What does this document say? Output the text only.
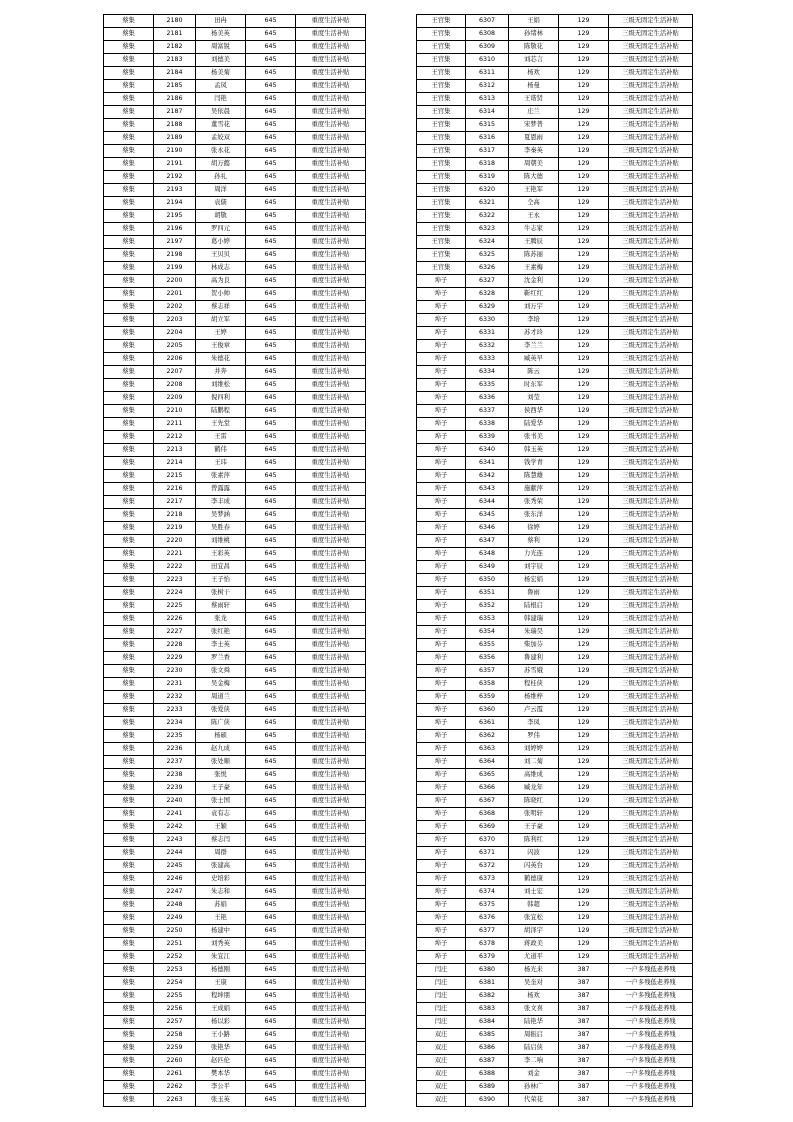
蔡集	2180	田冉	645	重度生活补贴
蔡集	2181	杨美英	645	重度生活补贴
蔡集	2182	周富锐	645	重度生活补贴
蔡集	2183	刘德美	645	重度生活补贴
蔡集	2184	杨美菊	645	重度生活补贴
蔡集	2185	孟凤	645	重度生活补贴
蔡集	2186	闫艳	645	重度生活补贴
蔡集	2187	吴依晨	645	重度生活补贴
蔡集	2188	董雪花	645	重度生活补贴
蔡集	2189	孟姣双	645	重度生活补贴
蔡集	2190	张永花	645	重度生活补贴
蔡集	2191	胡万懿	645	重度生活补贴
蔡集	2192	孙礼	645	重度生活补贴
蔡集	2193	周洋	645	重度生活补贴
蔡集	2194	袁儒	645	重度生活补贴
蔡集	2195	胡敬	645	重度生活补贴
蔡集	2196	罗四元	645	重度生活补贴
蔡集	2197	葛小婷	645	重度生活补贴
蔡集	2198	王贝贝	645	重度生活补贴
蔡集	2199	林成志	645	重度生活补贴
蔡集	2200	高为良	645	重度生活补贴
蔡集	2201	贺小帅	645	重度生活补贴
蔡集	2202	蔡志祥	645	重度生活补贴
蔡集	2203	胡立军	645	重度生活补贴
蔡集	2204	王婷	645	重度生活补贴
蔡集	2205	王俊章	645	重度生活补贴
蔡集	2206	朱德花	645	重度生活补贴
蔡集	2207	井奔	645	重度生活补贴
蔡集	2208	刘维松	645	重度生活补贴
蔡集	2209	倪四利	645	重度生活补贴
蔡集	2210	陆鹏程	645	重度生活补贴
蔡集	2211	王先堂	645	重度生活补贴
蔡集	2212	王雷	645	重度生活补贴
蔡集	2213	鹤伟	645	重度生活补贴
蔡集	2214	王玮	645	重度生活补贴
蔡集	2215	张素萍	645	重度生活补贴
蔡集	2216	曾露露	645	重度生活补贴
蔡集	2217	李丰成	645	重度生活补贴
蔡集	2218	吴梦涵	645	重度生活补贴
蔡集	2219	吴胜春	645	重度生活补贴
蔡集	2220	刘维桃	645	重度生活补贴
蔡集	2221	王彩英	645	重度生活补贴
蔡集	2222	田宜昌	645	重度生活补贴
蔡集	2223	王子怡	645	重度生活补贴
蔡集	2224	张树干	645	重度生活补贴
蔡集	2225	蔡雨轩	645	重度生活补贴
蔡集	2226	张龙	645	重度生活补贴
蔡集	2227	张红艳	645	重度生活补贴
蔡集	2228	李士英	645	重度生活补贴
蔡集	2229	罗兰香	645	重度生活补贴
蔡集	2230	张文舜	645	重度生活补贴
蔡集	2231	吴金梅	645	重度生活补贴
蔡集	2232	周道兰	645	重度生活补贴
蔡集	2233	张爱侠	645	重度生活补贴
蔡集	2234	陈广侠	645	重度生活补贴
蔡集	2235	杨硕	645	重度生活补贴
蔡集	2236	赵九成	645	重度生活补贴
蔡集	2237	张处顺	645	重度生活补贴
蔡集	2238	张悦	645	重度生活补贴
蔡集	2239	王子豪	645	重度生活补贴
蔡集	2240	张士国	645	重度生活补贴
蔡集	2241	袁有志	645	重度生活补贴
蔡集	2242	王颖	645	重度生活补贴
蔡集	2243	蔡志闫	645	重度生活补贴
蔡集	2244	周群	645	重度生活补贴
蔡集	2245	张建高	645	重度生活补贴
蔡集	2246	史培彩	645	重度生活补贴
蔡集	2247	朱志和	645	重度生活补贴
蔡集	2248	苏娟	645	重度生活补贴
蔡集	2249	王艳	645	重度生活补贴
蔡集	2250	杨建中	645	重度生活补贴
蔡集	2251	刘秀英	645	重度生活补贴
蔡集	2252	朱宜江	645	重度生活补贴
蔡集	2253	杨德刚	645	重度生活补贴
蔡集	2254	王康	645	重度生活补贴
蔡集	2255	程坤朋	645	重度生活补贴
蔡集	2256	王成娟	645	重度生活补贴
蔡集	2257	杨以彩	645	重度生活补贴
蔡集	2258	王小路	645	重度生活补贴
蔡集	2259	张艳华	645	重度生活补贴
蔡集	2260	赵匹伦	645	重度生活补贴
蔡集	2261	樊本华	645	重度生活补贴
蔡集	2262	李公平	645	重度生活补贴
蔡集	2263	张玉英	645	重度生活补贴
王官集	6307	王娟	129	三级无固定生活补贴
王官集	6308	孙绪林	129	三级无固定生活补贴
王官集	6309	陈敬花	129	三级无固定生活补贴
王官集	6310	刘芯言	129	三级无固定生活补贴
王官集	6311	杨欢	129	三级无固定生活补贴
王官集	6312	杨曼	129	三级无固定生活补贴
王官集	6313	王谐贤	129	三级无固定生活补贴
王官集	6314	庄兰	129	三级无固定生活补贴
王官集	6315	宋梦普	129	三级无固定生活补贴
王官集	6316	夏恩雨	129	三级无固定生活补贴
王官集	6317	李秦英	129	三级无固定生活补贴
王官集	6318	周朝美	129	三级无固定生活补贴
王官集	6319	陈大德	129	三级无固定生活补贴
王官集	6320	王艳军	129	三级无固定生活补贴
王官集	6321	仝高	129	三级无固定生活补贴
王官集	6322	王永	129	三级无固定生活补贴
王官集	6323	牛志家	129	三级无固定生活补贴
王官集	6324	王腾辰	129	三级无固定生活补贴
王官集	6325	陈苏丽	129	三级无固定生活补贴
王官集	6326	王素梅	129	三级无固定生活补贴
埠子	6327	沈金利	129	三级无固定生活补贴
埠子	6328	靳红红	129	三级无固定生活补贴
埠子	6329	刘万宇	129	三级无固定生活补贴
埠子	6330	李培	129	三级无固定生活补贴
埠子	6331	苏才玲	129	三级无固定生活补贴
埠子	6332	李兰兰	129	三级无固定生活补贴
埠子	6333	臧英早	129	三级无固定生活补贴
埠子	6334	陈云	129	三级无固定生活补贴
埠子	6335	时东军	129	三级无固定生活补贴
埠子	6336	刘莹	129	三级无固定生活补贴
埠子	6337	侯西华	129	三级无固定生活补贴
埠子	6338	陆爱华	129	三级无固定生活补贴
埠子	6339	张书美	129	三级无固定生活补贴
埠子	6340	韩玉英	129	三级无固定生活补贴
埠子	6341	钱学青	129	三级无固定生活补贴
埠子	6342	陈慧雄	129	三级无固定生活补贴
埠子	6343	施献萍	129	三级无固定生活补贴
埠子	6344	张秀荣	129	三级无固定生活补贴
埠子	6345	张东洋	129	三级无固定生活补贴
埠子	6346	徐婷	129	三级无固定生活补贴
埠子	6347	蔡利	129	三级无固定生活补贴
埠子	6348	力光连	129	三级无固定生活补贴
埠子	6349	刘宇辰	129	三级无固定生活补贴
埠子	6350	杨宏娟	129	三级无固定生活补贴
埠子	6351	鲁雨	129	三级无固定生活补贴
埠子	6352	陆根启	129	三级无固定生活补贴
埠子	6353	韩建瑞	129	三级无固定生活补贴
埠子	6354	朱瑞昊	129	三级无固定生活补贴
埠子	6355	柴加芬	129	三级无固定生活补贴
埠子	6356	鲁建利	129	三级无固定生活补贴
埠子	6357	苏雪娥	129	三级无固定生活补贴
埠子	6358	程桂侠	129	三级无固定生活补贴
埠子	6359	杨维梓	129	三级无固定生活补贴
埠子	6360	卢云霞	129	三级无固定生活补贴
埠子	6361	李凤	129	三级无固定生活补贴
埠子	6362	罗伟	129	三级无固定生活补贴
埠子	6363	刘婷婷	129	三级无固定生活补贴
埠子	6364	刘二菊	129	三级无固定生活补贴
埠子	6365	高维成	129	三级无固定生活补贴
埠子	6366	臧龙年	129	三级无固定生活补贴
埠子	6367	陈晓红	129	三级无固定生活补贴
埠子	6368	张明轩	129	三级无固定生活补贴
埠子	6369	王子豪	129	三级无固定生活补贴
埠子	6370	陈利红	129	三级无固定生活补贴
埠子	6371	闪波	129	三级无固定生活补贴
埠子	6372	闪英台	129	三级无固定生活补贴
埠子	6373	鹤德康	129	三级无固定生活补贴
埠子	6374	刘士宏	129	三级无固定生活补贴
埠子	6375	韩超	129	三级无固定生活补贴
埠子	6376	张宜松	129	三级无固定生活补贴
埠子	6377	胡泽宇	129	三级无固定生活补贴
埠子	6378	蒋政美	129	三级无固定生活补贴
埠子	6379	尤道平	129	三级无固定生活补贴
闫庄	6380	杨光来	387	一户多残低老养残
闫庄	6381	吴奎对	387	一户多残低老养残
闫庄	6382	杨欢	387	一户多残低老养残
闫庄	6383	张文喜	387	一户多残低老养残
闫庄	6384	陆艳华	387	一户多残低老养残
双庄	6385	周振启	387	一户多残低老养残
双庄	6386	陆启侠	387	一户多残低老养残
双庄	6387	李二响	387	一户多残低老养残
双庄	6388	刘金	387	一户多残低老养残
双庄	6389	孙林广	387	一户多残低老养残
双庄	6390	代荣花	387	一户多残低老养残
